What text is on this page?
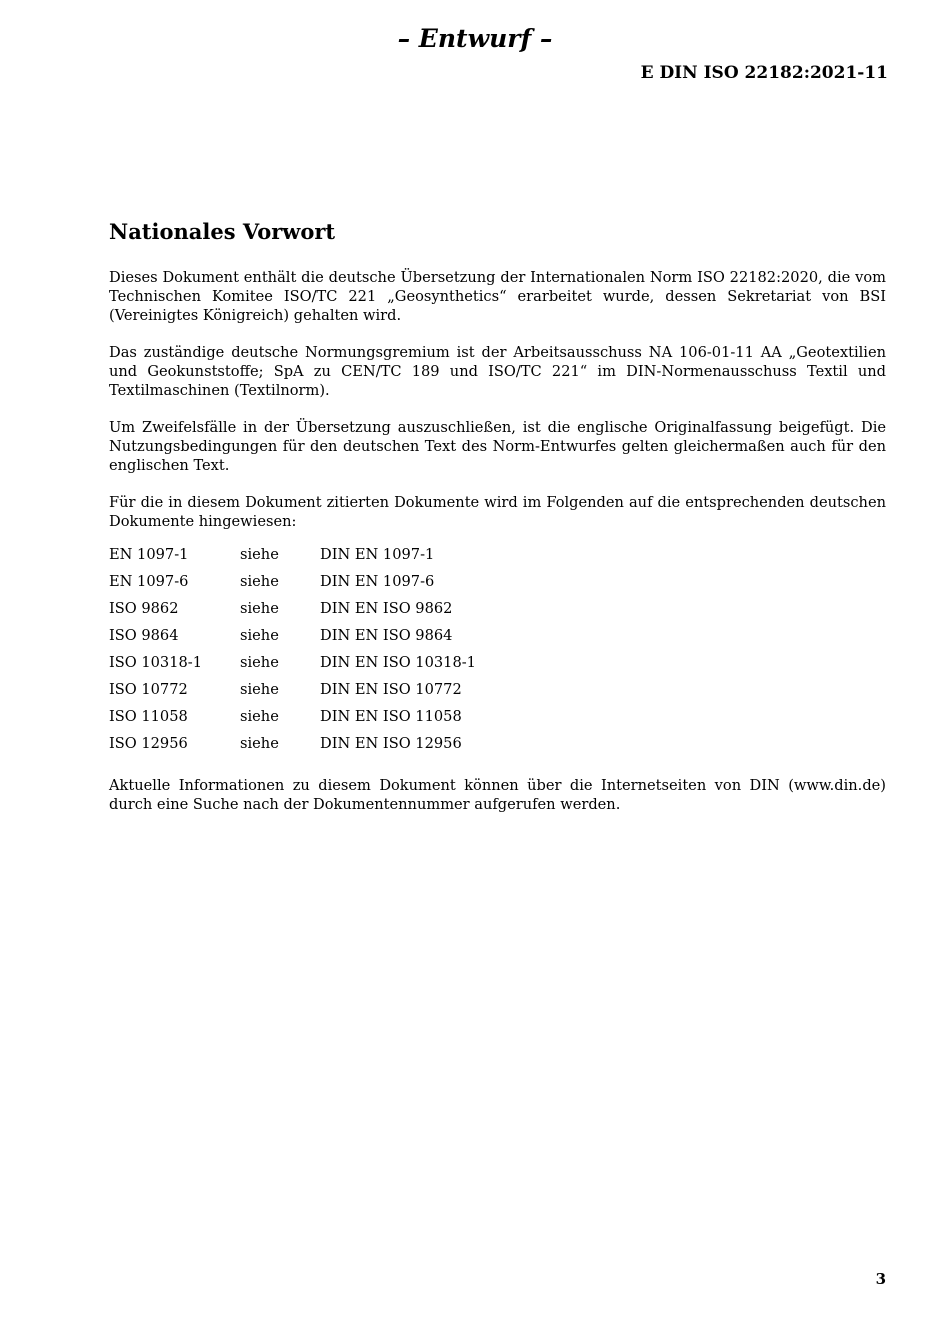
– Entwurf –
E DIN ISO 22182:2021-11
Nationales Vorwort

Dieses Dokument enthält die deutsche Übersetzung der Internationalen Norm ISO 22182:2020, die vom Technischen Komitee ISO/TC 221 „Geosynthetics“ erarbeitet wurde, dessen Sekretariat von BSI (Vereinigtes Königreich) gehalten wird.

Das zuständige deutsche Normungsgremium ist der Arbeitsausschuss NA 106-01-11 AA „Geotextilien und Geokunststoffe; SpA zu CEN/TC 189 und ISO/TC 221“ im DIN-Normenausschuss Textil und Textilmaschinen (Textilnorm).

Um Zweifelsfälle in der Übersetzung auszuschließen, ist die englische Originalfassung beigefügt. Die Nutzungsbedingungen für den deutschen Text des Norm-Entwurfes gelten gleichermaßen auch für den englischen Text.

Für die in diesem Dokument zitierten Dokumente wird im Folgenden auf die entsprechenden deutschen Dokumente hingewiesen:

EN 1097-1	siehe	DIN EN 1097-1
EN 1097-6	siehe	DIN EN 1097-6
ISO 9862	siehe	DIN EN ISO 9862
ISO 9864	siehe	DIN EN ISO 9864
ISO 10318-1	siehe	DIN EN ISO 10318-1
ISO 10772	siehe	DIN EN ISO 10772
ISO 11058	siehe	DIN EN ISO 11058
ISO 12956	siehe	DIN EN ISO 12956

Aktuelle Informationen zu diesem Dokument können über die Internetseiten von DIN (www.din.de) durch eine Suche nach der Dokumentennummer aufgerufen werden.

3
